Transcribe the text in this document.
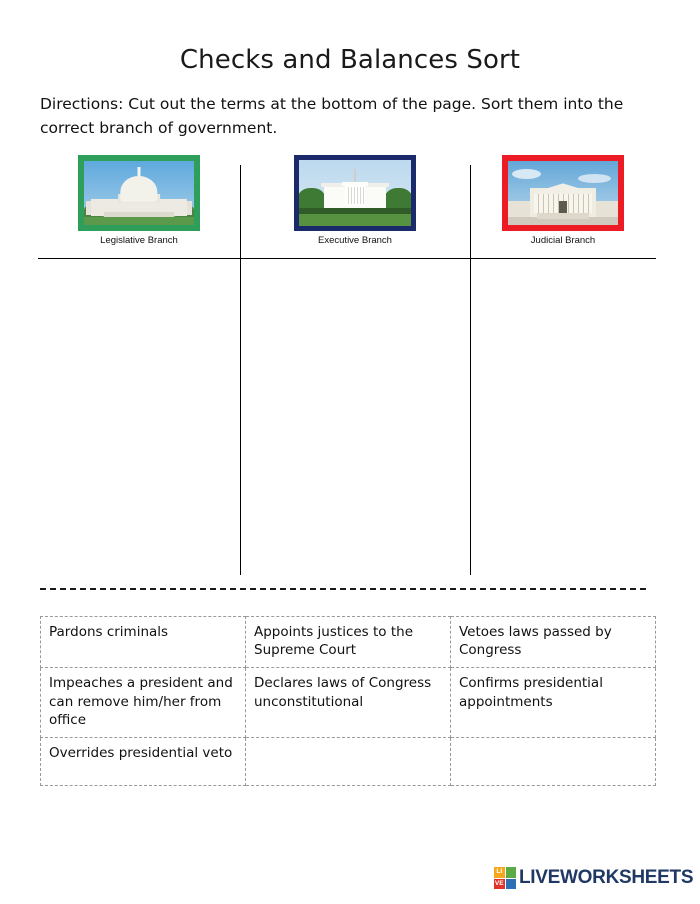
Checks and Balances Sort
Directions: Cut out the terms at the bottom of the page. Sort them into the correct branch of government.
Legislative Branch	Executive Branch	Judicial Branch
Pardons criminals	Appoints justices to the Supreme Court	Vetoes laws passed by Congress
Impeaches a president and can remove him/her from office	Declares laws of Congress unconstitutional	Confirms presidential appointments
Overrides presidential veto		
LI
VE LIVEWORKSHEETS
